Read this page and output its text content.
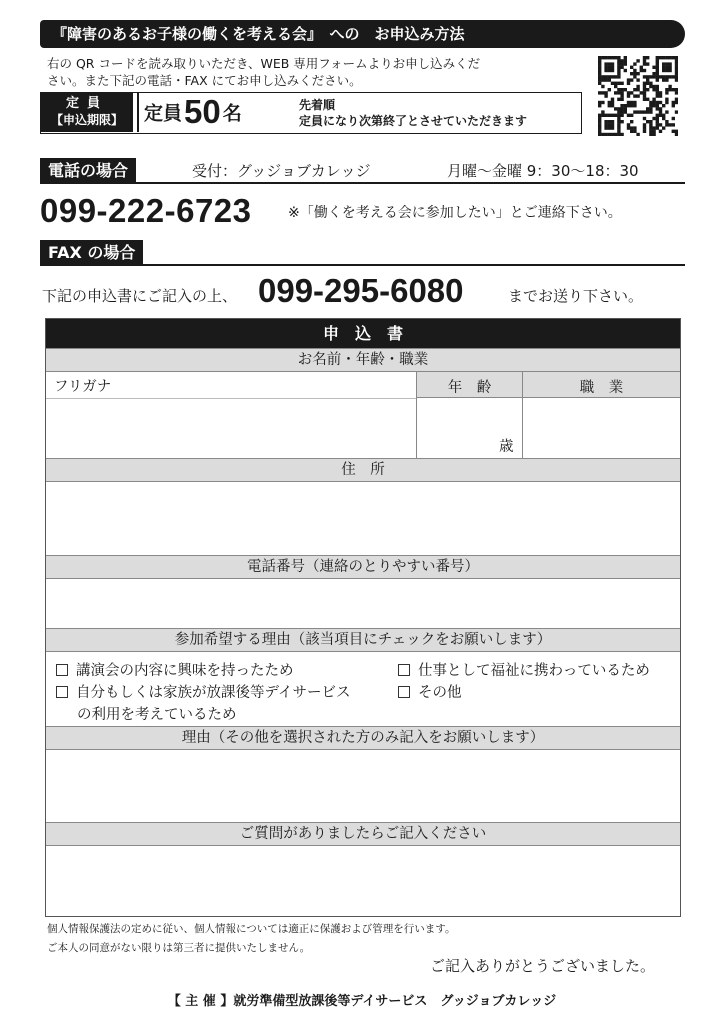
『障害のあるお子様の働くを考える会』　への　お申込み方法
右の QR コードを読み取りいただき、WEB 専用フォームよりお申し込みくだ
さい。また下記の電話・FAX にてお申し込みください。
定員
【申込期限】	定員50 名	先着順
定員になり次第終了とさせていただきます
電話の場合	受付：グッジョブカレッジ	月曜〜金曜 9：30〜18：30
099-222-6723	※「働くを考える会に参加したい」とご連絡下さい。
FAX の場合
下記の申込書にご記入の上、 099-295-6080	までお送り下さい。
申込書
お名前・年齢・職業
フリガナ	年　齢	職　業
歳
住　所
電話番号（連絡のとりやすい番号）
参加希望する理由（該当項目にチェックをお願いします）
講演会の内容に興味を持ったため	仕事として福祉に携わっているため
自分もしくは家族が放課後等デイサービス	その他
の利用を考えているため
理由（その他を選択された方のみ記入をお願いします）
ご質問がありましたらご記入ください
個人情報保護法の定めに従い、個人情報については適正に保護および管理を行います。
ご本人の同意がない限りは第三者に提供いたしません。
ご記入ありがとうございました。
【 主 催 】就労準備型放課後等デイサービス　グッジョブカレッジ
